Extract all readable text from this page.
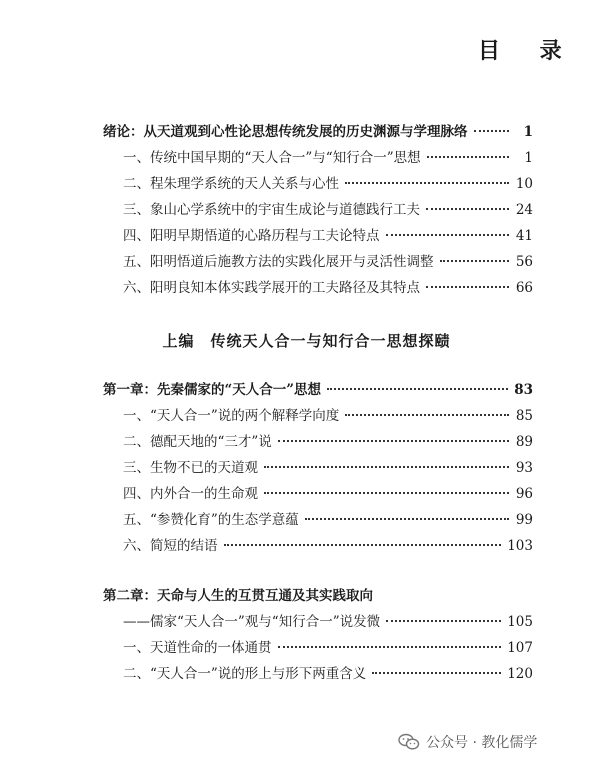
目 录
绪论：从天道观到心性论思想传统发展的历史渊源与学理脉络	1
一、传统中国早期的“天人合一”与“知行合一”思想	1
二、程朱理学系统的天人关系与心性	10
三、象山心学系统中的宇宙生成论与道德践行工夫	24
四、阳明早期悟道的心路历程与工夫论特点	41
五、阳明悟道后施教方法的实践化展开与灵活性调整	56
六、阳明良知本体实践学展开的工夫路径及其特点	66
上编　传统天人合一与知行合一思想探赜
第一章：先秦儒家的“天人合一”思想	83
一、“天人合一”说的两个解释学向度	85
二、德配天地的“三才”说	89
三、生物不已的天道观	93
四、内外合一的生命观	96
五、“参赞化育”的生态学意蕴	99
六、简短的结语	103
第二章：天命与人生的互贯互通及其实践取向
——儒家“天人合一”观与“知行合一”说发微	105
一、天道性命的一体通贯	107
二、“天人合一”说的形上与形下两重含义	120
公众号 · 教化儒学
